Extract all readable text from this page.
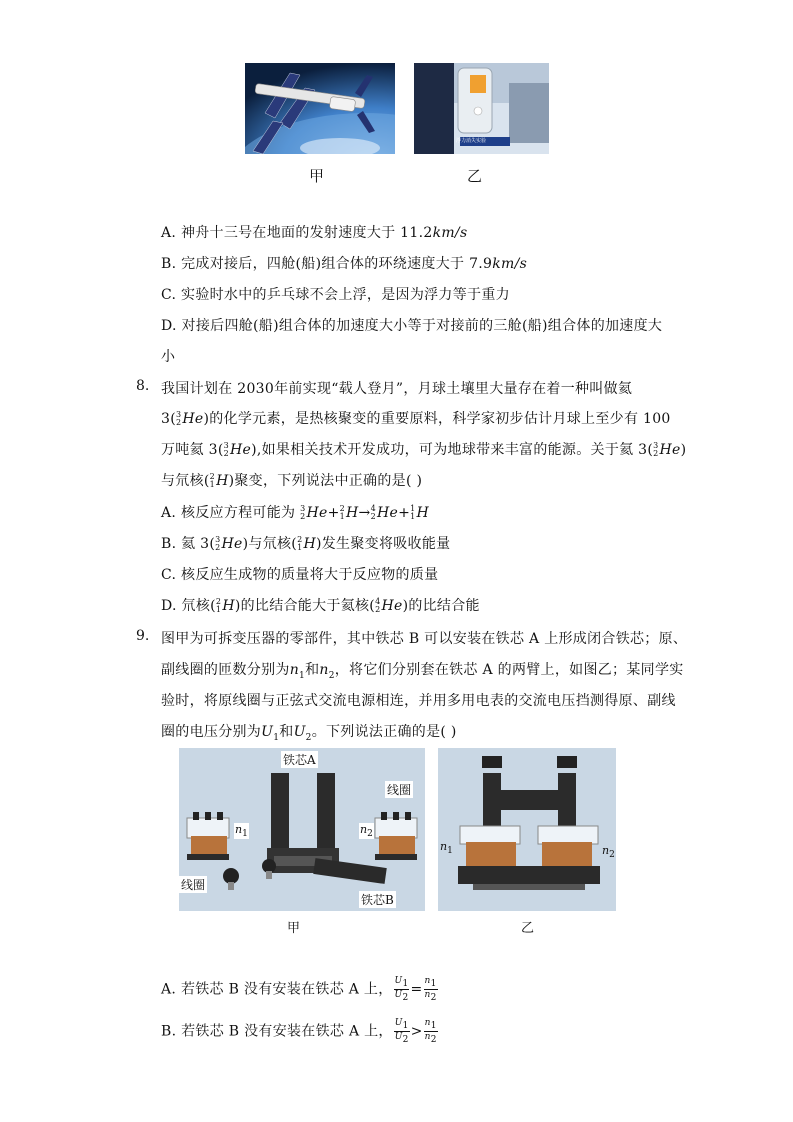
浮力消失实验
甲	乙
A. 神舟十三号在地面的发射速度大于 11.2km/s
B. 完成对接后，四舱(船)组合体的环绕速度大于 7.9km/s
C. 实验时水中的乒乓球不会上浮，是因为浮力等于重力
D. 对接后四舱(船)组合体的加速度大小等于对接前的三舱(船)组合体的加速度大
小
8. 我国计划在 2030年前实现“载人登月”，月球土壤里大量存在着一种叫做氦
3( 3
2 He)的化学元素，是热核聚变的重要原料，科学家初步估计月球上至少有 100
万吨氦 3( 3
2 He),如果相关技术开发成功，可为地球带来丰富的能源。关于氦 3( 3
2 He)
与氘核( 2
1 H)聚变，下列说法中正确的是( )
A. 核反应方程可能为 3
2 He+ 2
1 H→ 4
2 He+ 1
1 H
B. 氦 3( 3
2 He)与氘核( 2
1 H)发生聚变将吸收能量
C. 核反应生成物的质量将大于反应物的质量
D. 氘核( 2
1 H)的比结合能大于氦核( 4
2 He)的比结合能
9. 图甲为可拆变压器的零部件，其中铁芯 B 可以安装在铁芯 A 上形成闭合铁芯；原、
副线圈的匝数分别为$n_1$和$n_2$，将它们分别套在铁芯 A 的两臂上，如图乙；某同学实
验时，将原线圈与正弦式交流电源相连，并用多用电表的交流电压挡测得原、副线
圈的电压分别为$U_1$和$U_2$。下列说法正确的是( )
铁芯A
线圈
线圈
铁芯B
$n_1$	$n_2$
$n_1$	$n_2$
甲	乙
A. 若铁芯 B 没有安装在铁芯 A 上， $\frac{U_1}{U_2} = \frac{n_1}{n_2}$
B. 若铁芯 B 没有安装在铁芯 A 上， $\frac{U_1}{U_2} > \frac{n_1}{n_2}$
